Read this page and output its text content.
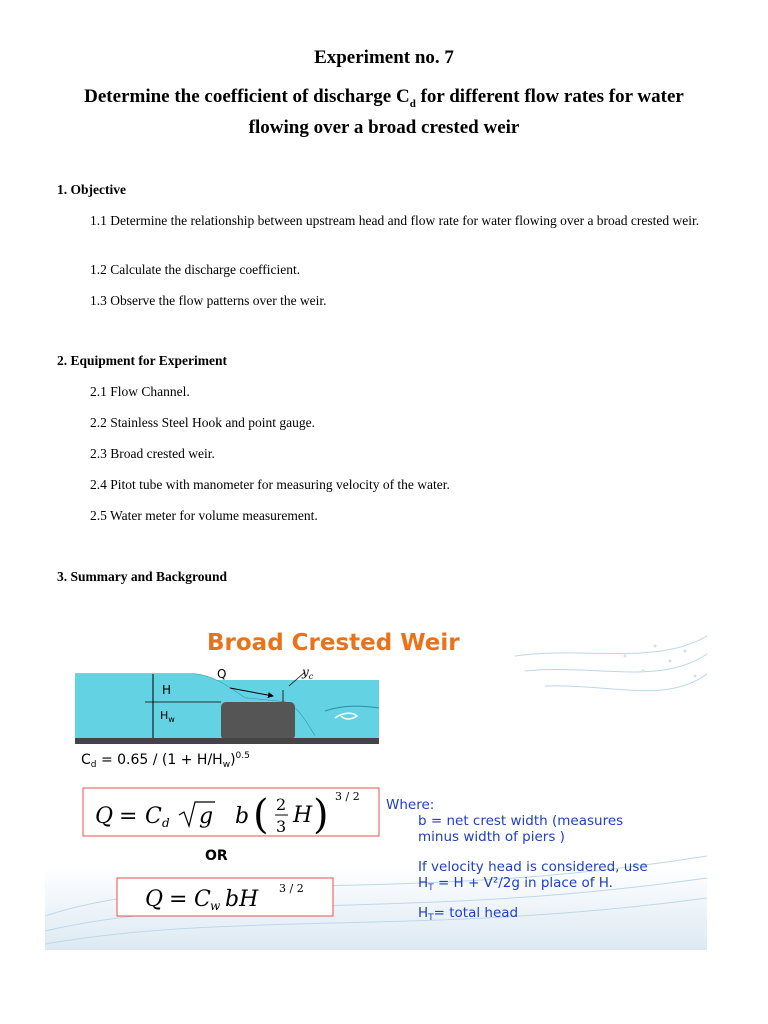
Experiment no. 7
Determine the coefficient of discharge $C_d$ for different flow rates for water flowing over a broad crested weir
1. Objective
1.1 Determine the relationship between upstream head and flow rate for water flowing over a broad crested weir.
1.2 Calculate the discharge coefficient.
1.3 Observe the flow patterns over the weir.
2. Equipment for Experiment
2.1 Flow Channel.
2.2 Stainless Steel Hook and point gauge.
2.3 Broad crested weir.
2.4 Pitot tube with manometer for measuring velocity of the water.
2.5 Water meter for volume measurement.
3. Summary and Background
Broad Crested Weir
H
$H_w$
Q	$y_c$
$C_d = 0.65 / (1 + H/H_w)^{0.5}$
Q = C d g b ( 2
3 H ) 3 / 2
OR
Q = C w bH 3 / 2
Where:
b = net crest width (measures
minus width of piers )
If velocity head is considered, use
$H_T = H + V^2/2g$ in place of H.
$H_T=$ total head
